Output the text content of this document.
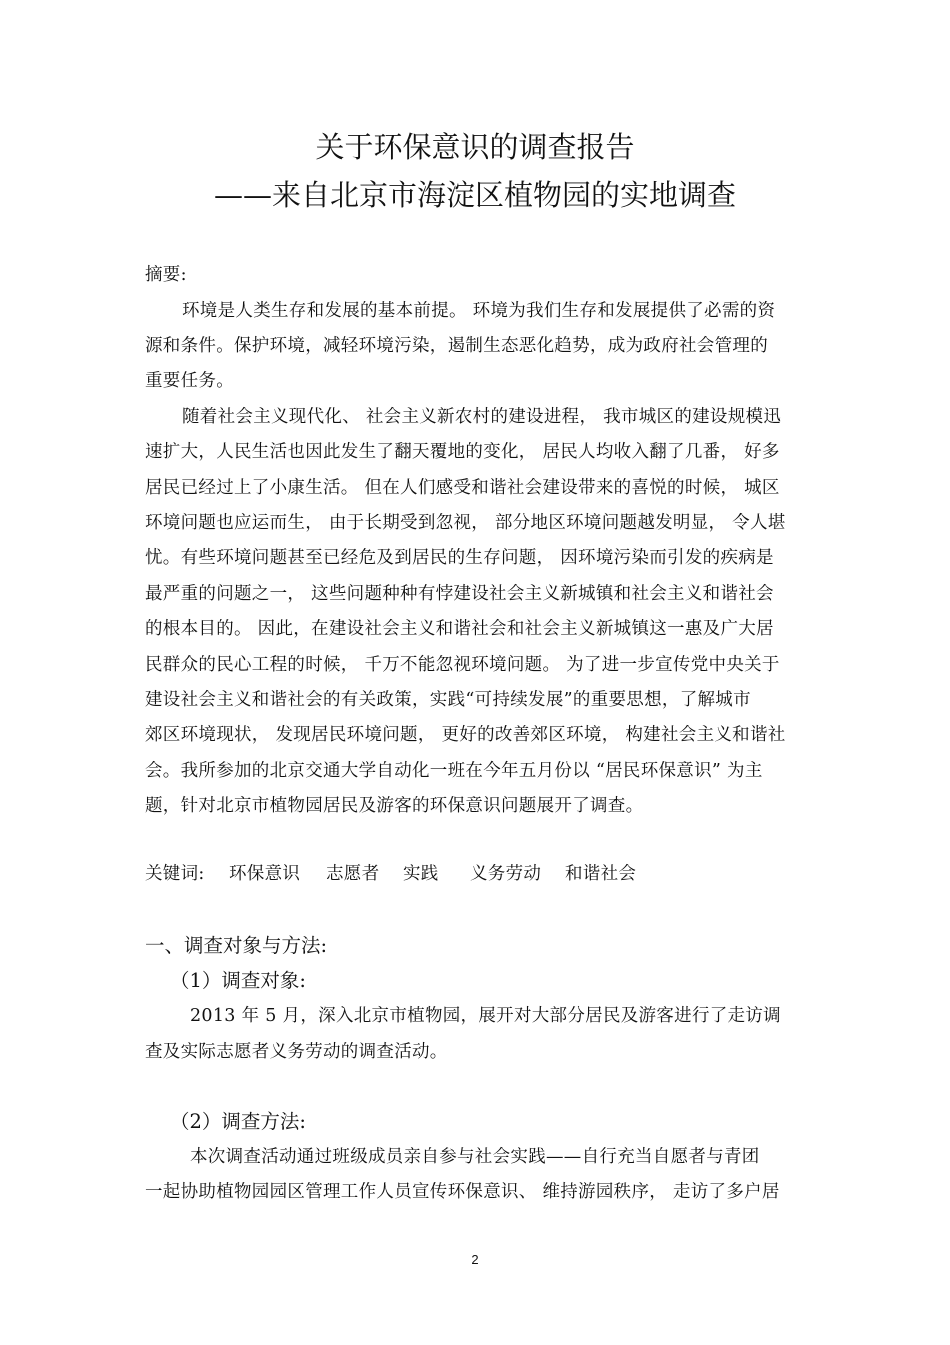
关于环保意识的调查报告
——来自北京市海淀区植物园的实地调查
摘要:
环境是人类生存和发展的基本前提。 环境为我们生存和发展提供了必需的资
源和条件。保护环境，减轻环境污染，遏制生态恶化趋势，成为政府社会管理的
重要任务。
随着社会主义现代化、 社会主义新农村的建设进程， 我市城区的建设规模迅
速扩大，人民生活也因此发生了翻天覆地的变化， 居民人均收入翻了几番， 好多
居民已经过上了小康生活。 但在人们感受和谐社会建设带来的喜悦的时候， 城区
环境问题也应运而生， 由于长期受到忽视， 部分地区环境问题越发明显， 令人堪
忧。有些环境问题甚至已经危及到居民的生存问题， 因环境污染而引发的疾病是
最严重的问题之一， 这些问题种种有悖建设社会主义新城镇和社会主义和谐社会
的根本目的。 因此，在建设社会主义和谐社会和社会主义新城镇这一惠及广大居
民群众的民心工程的时候， 千万不能忽视环境问题。 为了进一步宣传党中央关于
建设社会主义和谐社会的有关政策，实践“可持续发展”的重要思想，了解城市
郊区环境现状， 发现居民环境问题， 更好的改善郊区环境， 构建社会主义和谐社
会。我所参加的北京交通大学自动化一班在今年五月份以 “居民环保意识” 为主
题，针对北京市植物园居民及游客的环保意识问题展开了调查。
关键词: 环保意识 志愿者 实践 义务劳动 和谐社会
一、调查对象与方法:
（1）调查对象:
2013 年 5 月，深入北京市植物园，展开对大部分居民及游客进行了走访调
查及实际志愿者义务劳动的调查活动。
（2）调查方法:
本次调查活动通过班级成员亲自参与社会实践——自行充当自愿者与青团
一起协助植物园园区管理工作人员宣传环保意识、 维持游园秩序， 走访了多户居
2
